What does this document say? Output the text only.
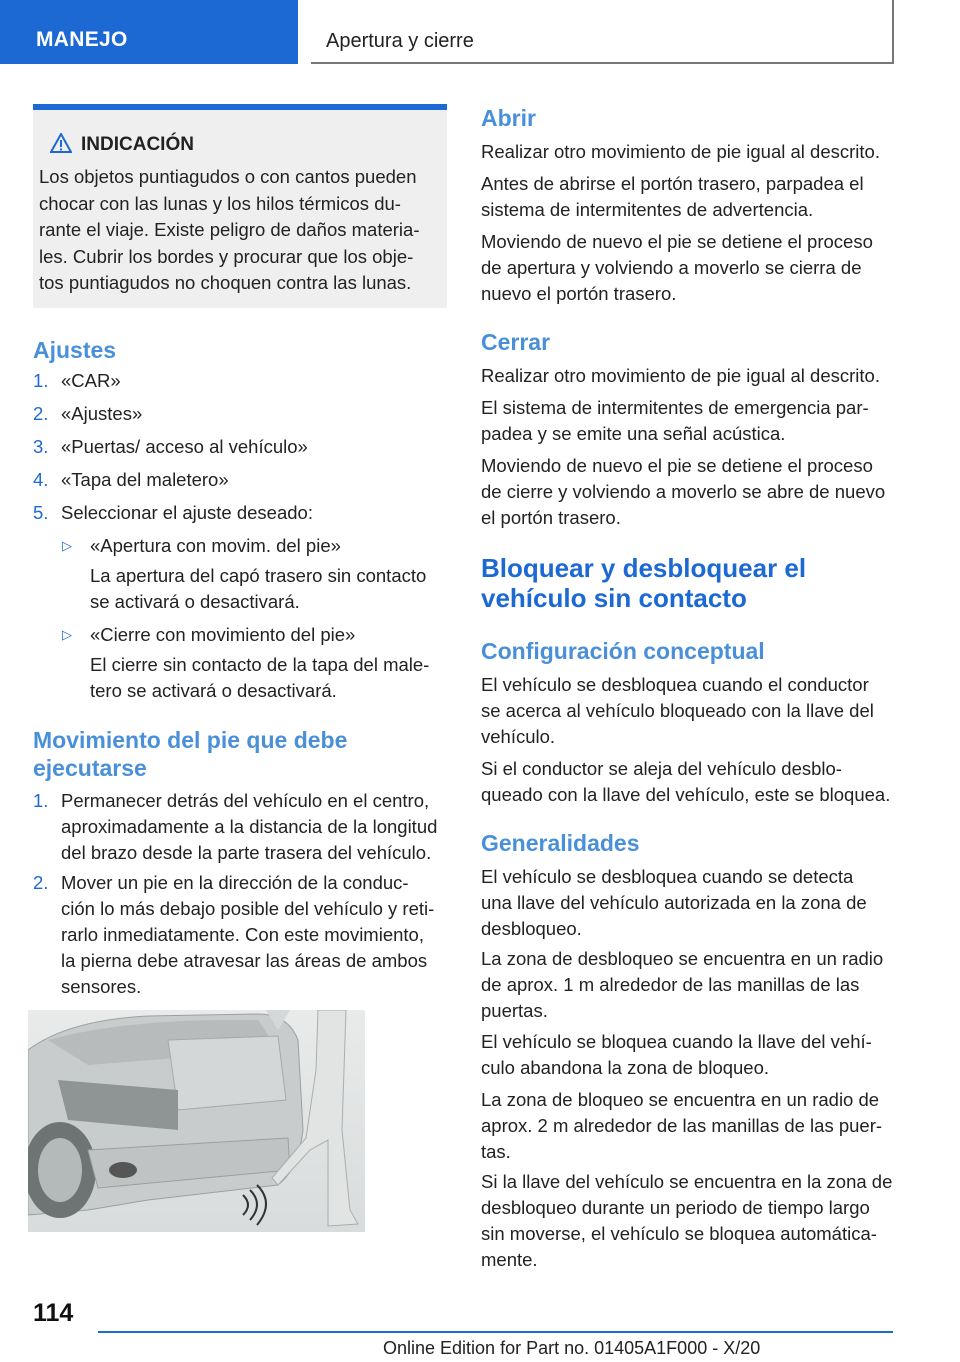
MANEJO	Apertura y cierre
INDICACIÓN
Los objetos puntiagudos o con cantos pueden
chocar con las lunas y los hilos térmicos du‐
rante el viaje. Existe peligro de daños materia‐
les. Cubrir los bordes y procurar que los obje‐
tos puntiagudos no choquen contra las lunas.
Ajustes
1. «CAR»
2. «Ajustes»
3. «Puertas/ acceso al vehículo»
4. «Tapa del maletero»
5. Seleccionar el ajuste deseado:
▷ «Apertura con movim. del pie»
La apertura del capó trasero sin contacto
se activará o desactivará.
▷ «Cierre con movimiento del pie»
El cierre sin contacto de la tapa del male‐
tero se activará o desactivará.
Movimiento del pie que debe
ejecutarse
1. Permanecer detrás del vehículo en el centro,
aproximadamente a la distancia de la longitud
del brazo desde la parte trasera del vehículo.
2. Mover un pie en la dirección de la conduc‐
ción lo más debajo posible del vehículo y reti‐
rarlo inmediatamente. Con este movimiento,
la pierna debe atravesar las áreas de ambos
sensores.
Abrir
Realizar otro movimiento de pie igual al descrito.
Antes de abrirse el portón trasero, parpadea el
sistema de intermitentes de advertencia.
Moviendo de nuevo el pie se detiene el proceso
de apertura y volviendo a moverlo se cierra de
nuevo el portón trasero.
Cerrar
Realizar otro movimiento de pie igual al descrito.
El sistema de intermitentes de emergencia par‐
padea y se emite una señal acústica.
Moviendo de nuevo el pie se detiene el proceso
de cierre y volviendo a moverlo se abre de nuevo
el portón trasero.
Bloquear y desbloquear el
vehículo sin contacto
Configuración conceptual
El vehículo se desbloquea cuando el conductor
se acerca al vehículo bloqueado con la llave del
vehículo.
Si el conductor se aleja del vehículo desblo‐
queado con la llave del vehículo, este se bloquea.
Generalidades
El vehículo se desbloquea cuando se detecta
una llave del vehículo autorizada en la zona de
desbloqueo.
La zona de desbloqueo se encuentra en un radio
de aprox. 1 m alrededor de las manillas de las
puertas.
El vehículo se bloquea cuando la llave del vehí‐
culo abandona la zona de bloqueo.
La zona de bloqueo se encuentra en un radio de
aprox. 2 m alrededor de las manillas de las puer‐
tas.
Si la llave del vehículo se encuentra en la zona de
desbloqueo durante un periodo de tiempo largo
sin moverse, el vehículo se bloquea automática‐
mente.
114
Online Edition for Part no. 01405A1F000 - X/20
